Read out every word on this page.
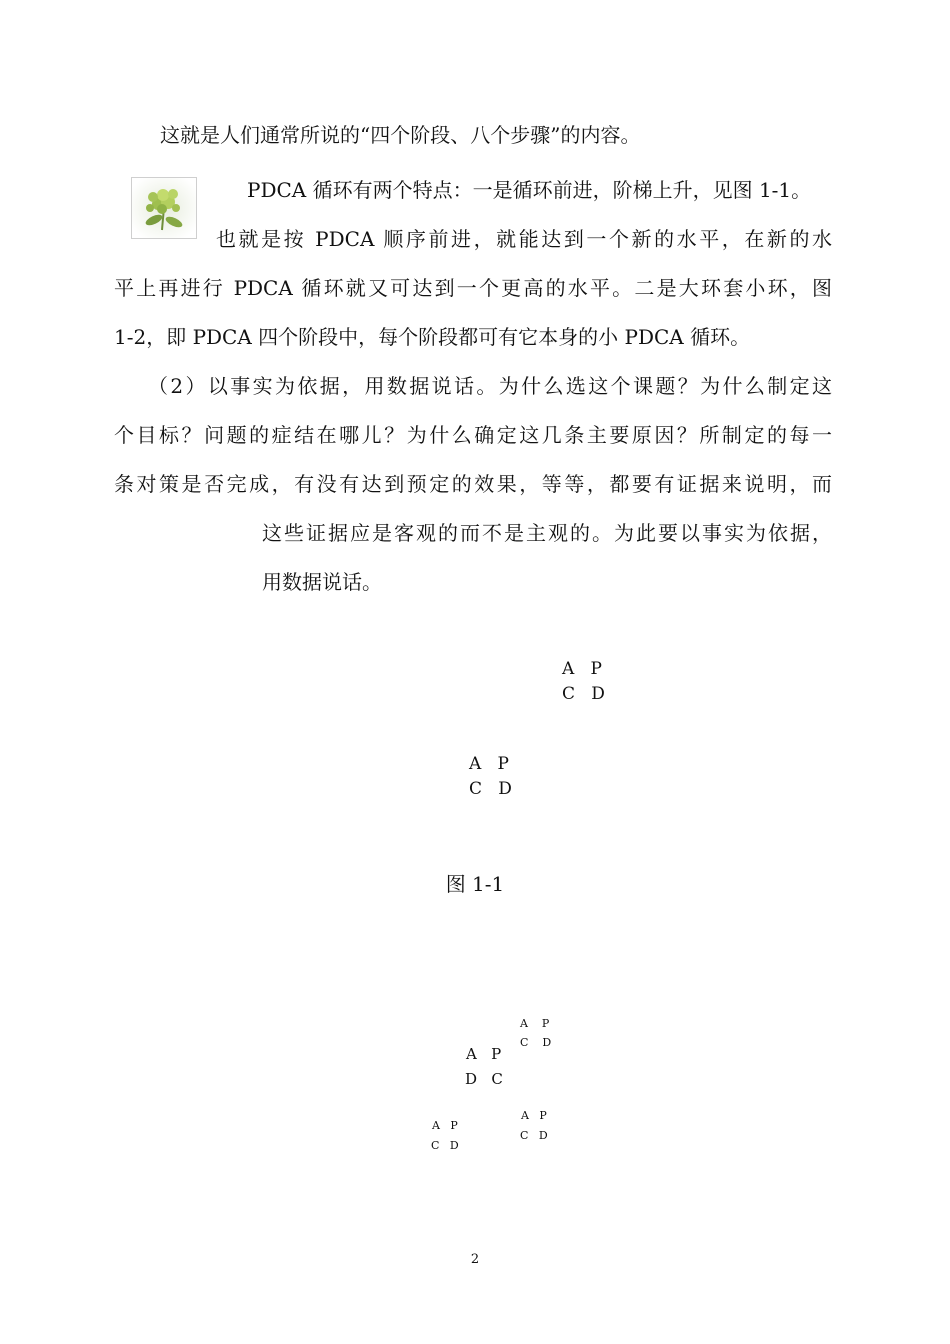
这就是人们通常所说的“四个阶段、八个步骤”的内容。
PDCA 循环有两个特点：一是循环前进，阶梯上升，见图 1-1。
也就是按 PDCA 顺序前进，就能达到一个新的水平，在新的水
平上再进行 PDCA 循环就又可达到一个更高的水平。二是大环套小环，图
1-2，即 PDCA 四个阶段中，每个阶段都可有它本身的小 PDCA 循环。
（2）以事实为依据，用数据说话。为什么选这个课题？为什么制定这
个目标？问题的症结在哪儿？为什么确定这几条主要原因？所制定的每一
条对策是否完成，有没有达到预定的效果，等等，都要有证据来说明，而
这些证据应是客观的而不是主观的。为此要以事实为依据，
用数据说话。
A   P
C   D
A   P
C   D
图 1-1
A    P
C    D
A   P
D   C
A   P
C   D
A   P
C   D
2
